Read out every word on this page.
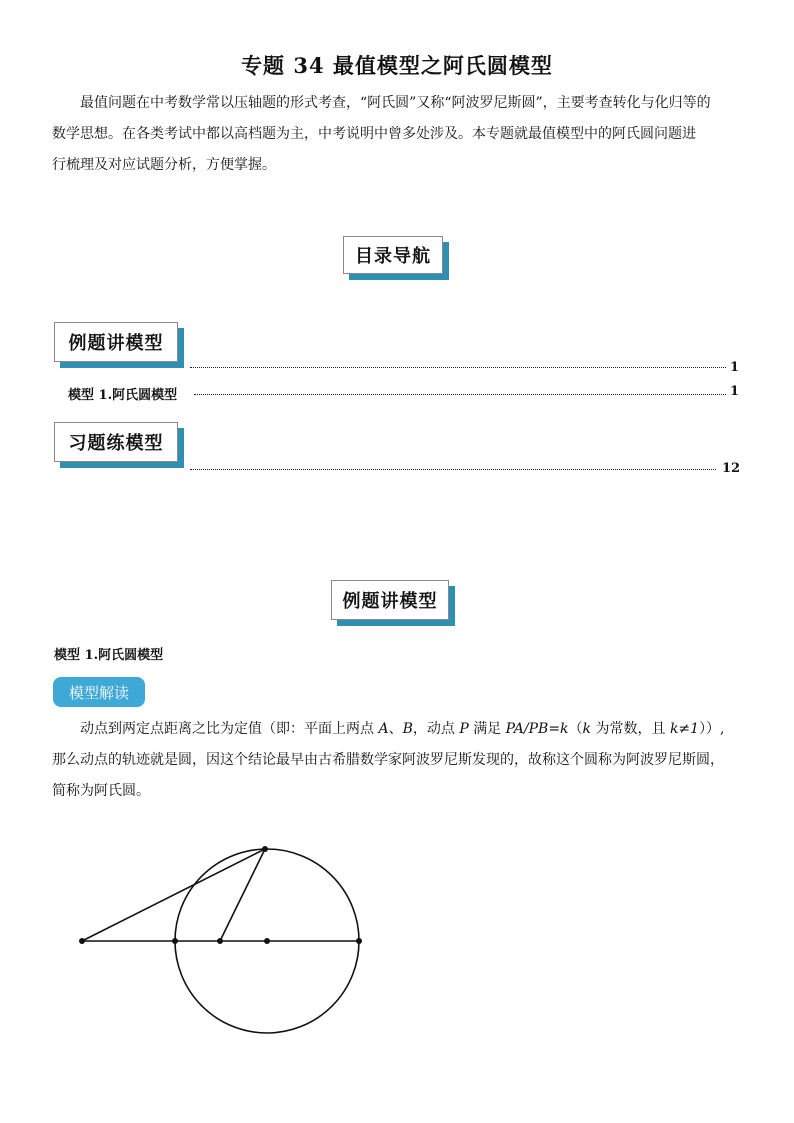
专题 34 最值模型之阿氏圆模型
最值问题在中考数学常以压轴题的形式考查，“阿氏圆”又称“阿波罗尼斯圆”，主要考查转化与化归等的
数学思想。在各类考试中都以高档题为主，中考说明中曾多处涉及。本专题就最值模型中的阿氏圆问题进
行梳理及对应试题分析，方便掌握。
目录导航
例题讲模型
1
模型 1.阿氏圆模型	1
习题练模型
12
例题讲模型
模型 1.阿氏圆模型
模型解读
动点到两定点距离之比为定值（即：平面上两点 A、B，动点 P 满足 PA/PB=k（k 为常数，且 k≠1））,
那么动点的轨迹就是圆，因这个结论最早由古希腊数学家阿波罗尼斯发现的，故称这个圆称为阿波罗尼斯圆，
简称为阿氏圆。
